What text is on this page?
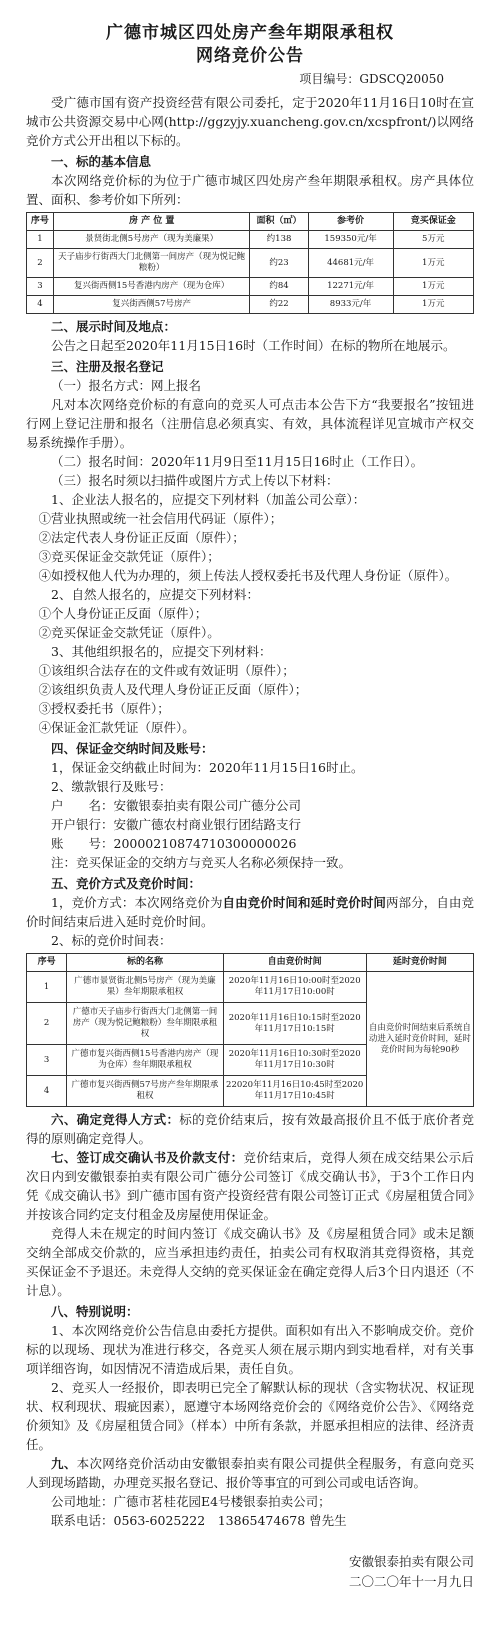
广德市城区四处房产叁年期限承租权
网络竞价公告
项目编号：GDSCQ20050

受广德市国有资产投资经营有限公司委托，定于2020年11月16日10时在宣城市公共资源交易中心网(http://ggzyjy.xuancheng.gov.cn/xcspfront/)以网络竞价方式公开出租以下标的。

一、标的基本信息

本次网络竞价标的为位于广德市城区四处房产叁年期限承租权。房产具体位置、面积、参考价如下所列：

序号	房 产 位 置	面积（㎡）	参考价	竞买保证金
1	景贤街北侧5号房产（现为美廉果）	约138	159350元/年	5万元
2	天子庙步行街西大门北侧第一间房产（现为悦记鲍粮粉）	约23	44681元/年	1万元
3	复兴街西侧15号香港内房产（现为仓库）	约84	12271元/年	1万元
4	复兴街西侧57号房产	约22	8933元/年	1万元
二、展示时间及地点：

公告之日起至2020年11月15日16时（工作时间）在标的物所在地展示。

三、注册及报名登记
（一）报名方式：网上报名

凡对本次网络竞价标的有意向的竞买人可点击本公告下方“我要报名”按钮进行网上登记注册和报名（注册信息必须真实、有效，具体流程详见宣城市产权交易系统操作手册）。

（二）报名时间：2020年11月9日至11月15日16时止（工作日）。

（三）报名时须以扫描件或图片方式上传以下材料：
1、企业法人报名的，应提交下列材料（加盖公司公章）：
①营业执照或统一社会信用代码证（原件）；
②法定代表人身份证正反面（原件）；
③竞买保证金交款凭证（原件）；

④如授权他人代为办理的，须上传法人授权委托书及代理人身份证（原件）。

2、自然人报名的，应提交下列材料：
①个人身份证正反面（原件）；
②竞买保证金交款凭证（原件）。
3、其他组织报名的，应提交下列材料：
①该组织合法存在的文件或有效证明（原件）；
②该组织负责人及代理人身份证正反面（原件）；
③授权委托书（原件）；
④保证金汇款凭证（原件）。
四、保证金交纳时间及账号：
1，保证金交纳截止时间为：2020年11月15日16时止。
2、缴款银行及账号：
户　　名：安徽银泰拍卖有限公司广德分公司
开户银行：安徽广德农村商业银行团结路支行
账　　号：20000210874710300000026
注：竞买保证金的交纳方与竞买人名称必须保持一致。
五、竞价方式及竞价时间：

1，竞价方式：本次网络竞价为自由竞价时间和延时竞价时间两部分，自由竞价时间结束后进入延时竞价时间。

2、标的竞价时间表：
序号	标的名称	自由竞价时间	延时竞价时间
1	广德市景贤街北侧5号房产（现为美廉果）叁年期限承租权	2020年11月16日10:00时至2020年11月17日10:00时	自由竞价时间结束后系统自动进入延时竞价时间，延时竞价时间为每轮90秒
2	广德市天子庙步行街西大门北侧第一间房产（现为悦记鲍粮粉）叁年期限承租权	2020年11月16日10:15时至2020年11月17日10:15时	
3	广德市复兴街西侧15号香港内房产（现为仓库）叁年期限承租权	2020年11月16日10:30时至2020年11月17日10:30时	
4	广德市复兴街西侧57号房产叁年期限承租权	22020年11月16日10:45时至2020年11月17日10:45时	

六、确定竞得人方式：标的竞价结束后，按有效最高报价且不低于底价者竞得的原则确定竞得人。

七、签订成交确认书及价款支付：竞价结束后，竞得人须在成交结果公示后次日内到安徽银泰拍卖有限公司广德分公司签订《成交确认书》，于3个工作日内凭《成交确认书》到广德市国有资产投资经营有限公司签订正式《房屋租赁合同》并按该合同约定支付租金及房屋使用保证金。

竞得人未在规定的时间内签订《成交确认书》及《房屋租赁合同》或未足额交纳全部成交价款的，应当承担违约责任，拍卖公司有权取消其竞得资格，其竞买保证金不予退还。未竞得人交纳的竞买保证金在确定竞得人后3个日内退还（不计息）。

八、特别说明：

1、本次网络竞价公告信息由委托方提供。面积如有出入不影响成交价。竞价标的以现场、现状为准进行移交，各竞买人须在展示期内到实地看样，对有关事项详细咨询，如因情况不清造成后果，责任自负。

2、竞买人一经报价，即表明已完全了解默认标的现状（含实物状况、权证现状、权利现状、瑕疵因素），愿遵守本场网络竞价会的《网络竞价公告》、《网络竞价须知》及《房屋租赁合同》（样本）中所有条款，并愿承担相应的法律、经济责任。

九、本次网络竞价活动由安徽银泰拍卖有限公司提供全程服务，有意向竞买人到现场踏勘，办理竞买报名登记、报价等事宜的可到公司或电话咨询。

公司地址：广德市茗桂花园E4号楼银泰拍卖公司；
联系电话：0563-6025222　13865474678 曾先生
安徽银泰拍卖有限公司
二〇二〇年十一月九日
